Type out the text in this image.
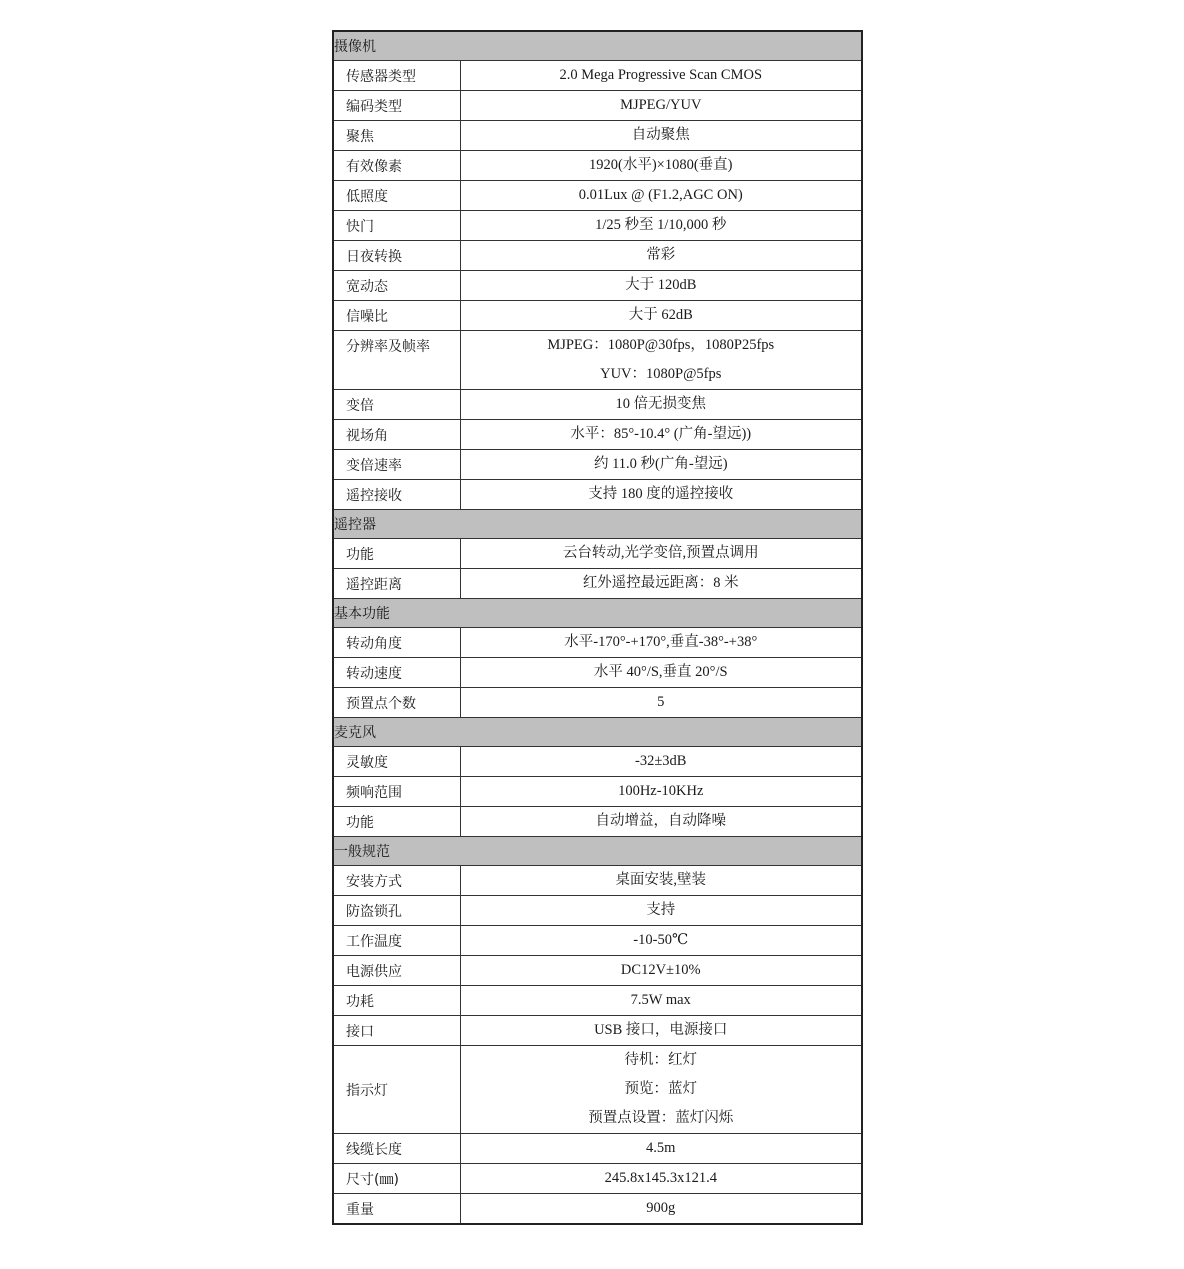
摄像机	
传感器类型	2.0 Mega Progressive Scan CMOS

编码类型	MJPEG/YUV

聚焦	自动聚焦

有效像素	1920(水平)×1080(垂直)

低照度	0.01Lux @ (F1.2,AGC ON)

快门	1/25 秒至 1/10,000 秒

日夜转换	常彩

宽动态	大于 120dB

信噪比	大于 62dB

分辨率及帧率	MJPEG：1080P@30fps，1080P25fps
YUV：1080P@5fps

变倍	10 倍无损变焦

视场角	水平：85°-10.4° (广角-望远))

变倍速率	约 11.0 秒(广角-望远)

遥控接收	支持 180 度的遥控接收

遥控器	
功能	云台转动,光学变倍,预置点调用

遥控距离	红外遥控最远距离：8 米

基本功能	
转动角度	水平-170°-+170°,垂直-38°-+38°

转动速度	水平 40°/S,垂直 20°/S

预置点个数	5

麦克风	
灵敏度	-32±3dB

频响范围	100Hz-10KHz

功能	自动增益，自动降噪

一般规范	
安装方式	桌面安装,壁装

防盗锁孔	支持

工作温度	-10-50℃

电源供应	DC12V±10%

功耗	7.5W max

接口	USB 接口，电源接口

指示灯	待机：红灯
预览：蓝灯
预置点设置：蓝灯闪烁

线缆长度	4.5m

尺寸(㎜)	245.8x145.3x121.4

重量	900g
